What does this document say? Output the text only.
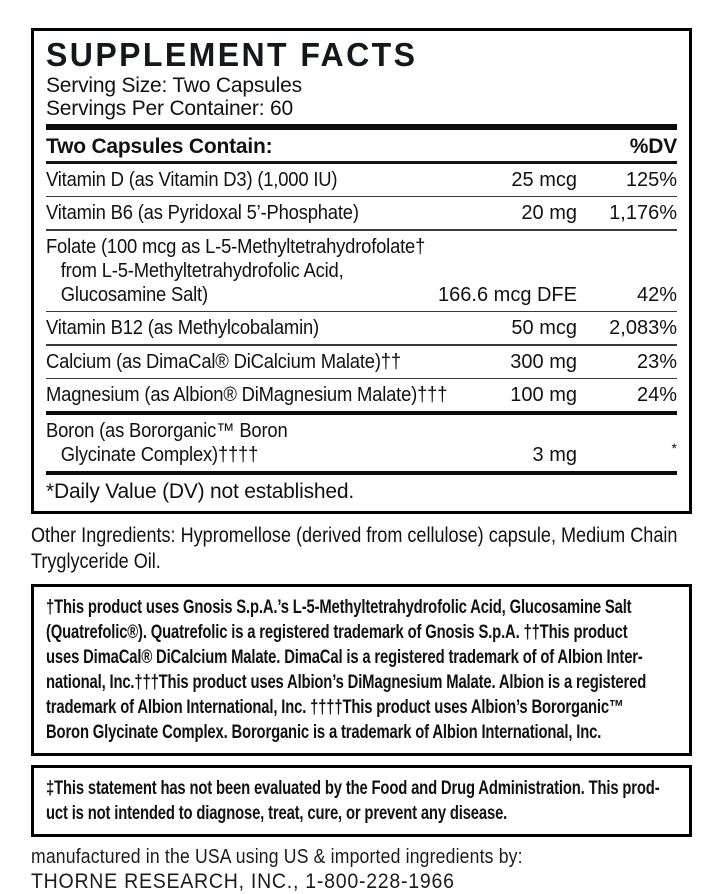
SUPPLEMENT FACTS
Serving Size: Two Capsules
Servings Per Container: 60
Two Capsules Contain:	%DV
Vitamin D (as Vitamin D3) (1,000 IU)	25 mcg	125%
Vitamin B6 (as Pyridoxal 5’-Phosphate)	20 mg	1,176%
Folate (100 mcg as L-5-Methyltetrahydrofolate†
from L-5-Methyltetrahydrofolic Acid,
Glucosamine Salt)	166.6 mcg DFE	42%
Vitamin B12 (as Methylcobalamin)	50 mcg	2,083%
Calcium (as DimaCal® DiCalcium Malate)††	300 mg	23%
Magnesium (as Albion® DiMagnesium Malate)†††	100 mg	24%
Boron (as Bororganic™ Boron
Glycinate Complex)††††	3 mg	*
*Daily Value (DV) not established.
Other Ingredients: Hypromellose (derived from cellulose) capsule, Medium Chain
Tryglyceride Oil.
†This product uses Gnosis S.p.A.’s L-5-Methyltetrahydrofolic Acid, Glucosamine Salt
(Quatrefolic®). Quatrefolic is a registered trademark of Gnosis S.p.A. ††This product
uses DimaCal® DiCalcium Malate. DimaCal is a registered trademark of of Albion Inter-
national, Inc.†††This product uses Albion’s DiMagnesium Malate. Albion is a registered
trademark of Albion International, Inc. ††††This product uses Albion’s Bororganic™
Boron Glycinate Complex. Bororganic is a trademark of Albion International, Inc.
‡This statement has not been evaluated by the Food and Drug Administration. This prod-
uct is not intended to diagnose, treat, cure, or prevent any disease.
manufactured in the USA using US & imported ingredients by:
THORNE RESEARCH, INC., 1-800-228-1966
